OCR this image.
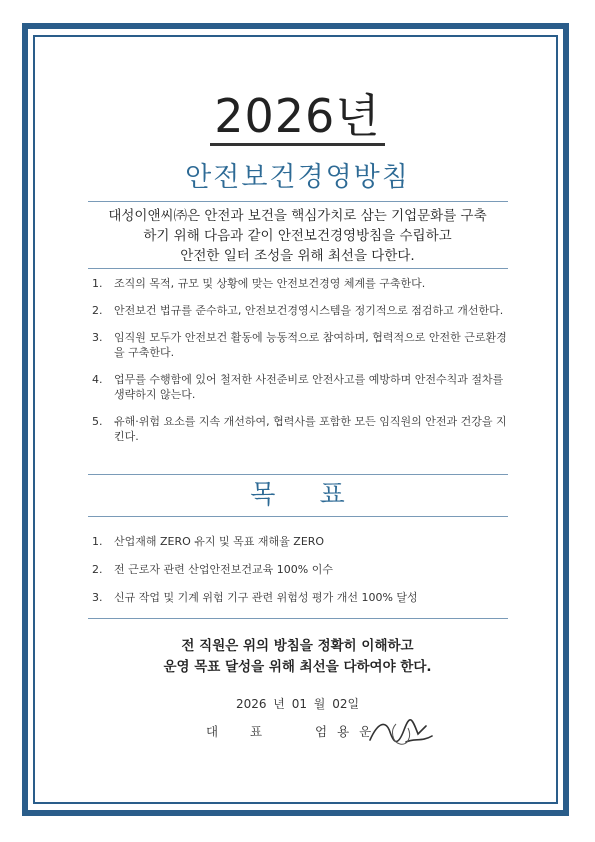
2026년
안전보건경영방침
대성이앤씨㈜은 안전과 보건을 핵심가치로 삼는 기업문화를 구축
하기 위해 다음과 같이 안전보건경영방침을 수립하고
안전한 일터 조성을 위해 최선을 다한다.
1.	조직의 목적, 규모 및 상황에 맞는 안전보건경영 체계를 구축한다.
2.	안전보건 법규를 준수하고, 안전보건경영시스템을 정기적으로 점검하고 개선한다.
3.	임직원 모두가 안전보건 활동에 능동적으로 참여하며, 협력적으로 안전한 근로환경을 구축한다.
4.	업무를 수행함에 있어 철저한 사전준비로 안전사고를 예방하며 안전수칙과 절차를 생략하지 않는다.
5.	유해·위험 요소를 지속 개선하여, 협력사를 포함한 모든 임직원의 안전과 건강을 지킨다.
목 표
1.	산업재해 ZERO 유지 및 목표 재해율 ZERO
2.	전 근로자 관련 산업안전보건교육 100% 이수
3.	신규 작업 및 기계 위험 기구 관련 위험성 평가 개선 100% 달성
전 직원은 위의 방침을 정확히 이해하고
운영 목표 달성을 위해 최선을 다하여야 한다.
2026 년 01 월 02일
대 표	엄용운
